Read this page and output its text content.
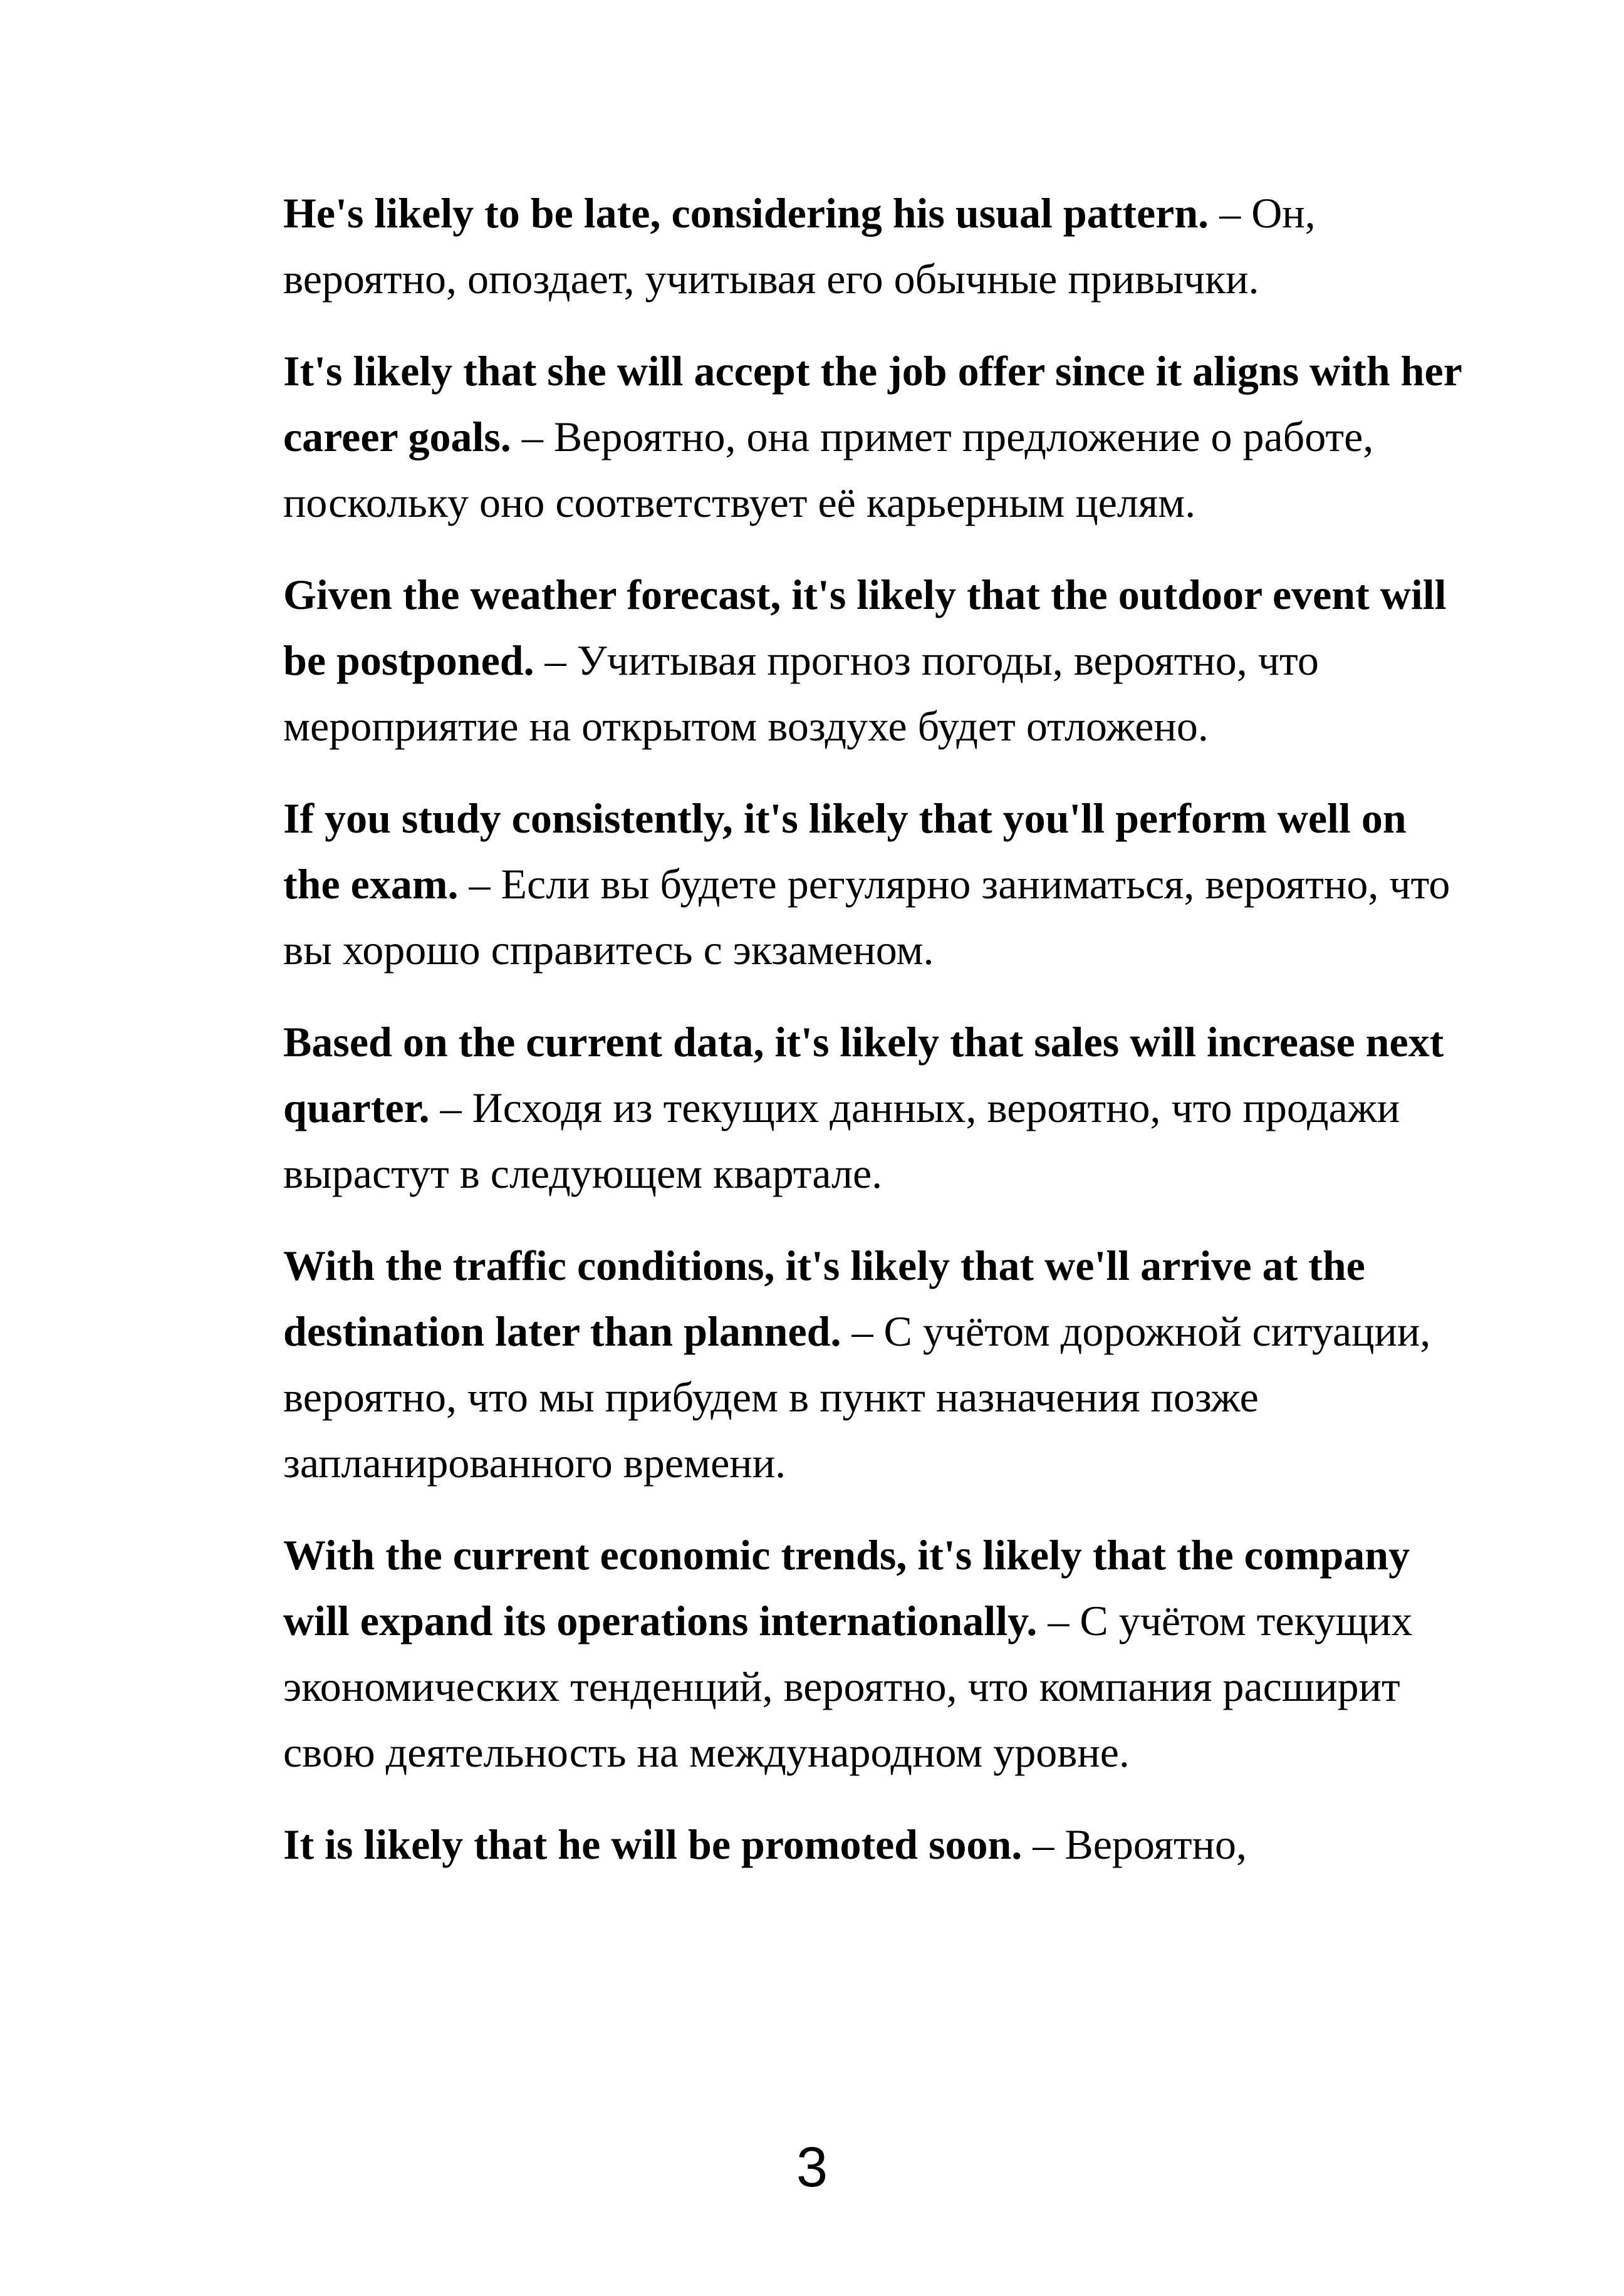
He's likely to be late, considering his usual pattern. – Он, вероятно, опоздает, учитывая его обычные привычки.

It's likely that she will accept the job offer since it aligns with her career goals. – Вероятно, она примет предложение о работе, поскольку оно соответствует её карьерным целям.

Given the weather forecast, it's likely that the outdoor event will be postponed. – Учитывая прогноз погоды, вероятно, что мероприятие на открытом воздухе будет отложено.

If you study consistently, it's likely that you'll perform well on the exam. – Если вы будете регулярно заниматься, вероятно, что вы хорошо справитесь с экзаменом.

Based on the current data, it's likely that sales will increase next quarter. – Исходя из текущих данных, вероятно, что продажи вырастут в следующем квартале.

With the traffic conditions, it's likely that we'll arrive at the destination later than planned. – С учётом дорожной ситуации, вероятно, что мы прибудем в пункт назначения позже запланированного времени.

With the current economic trends, it's likely that the company will expand its operations internationally. – С учётом текущих экономических тенденций, вероятно, что компания расширит свою деятельность на международном уровне.

It is likely that he will be promoted soon. – Вероятно,

3
